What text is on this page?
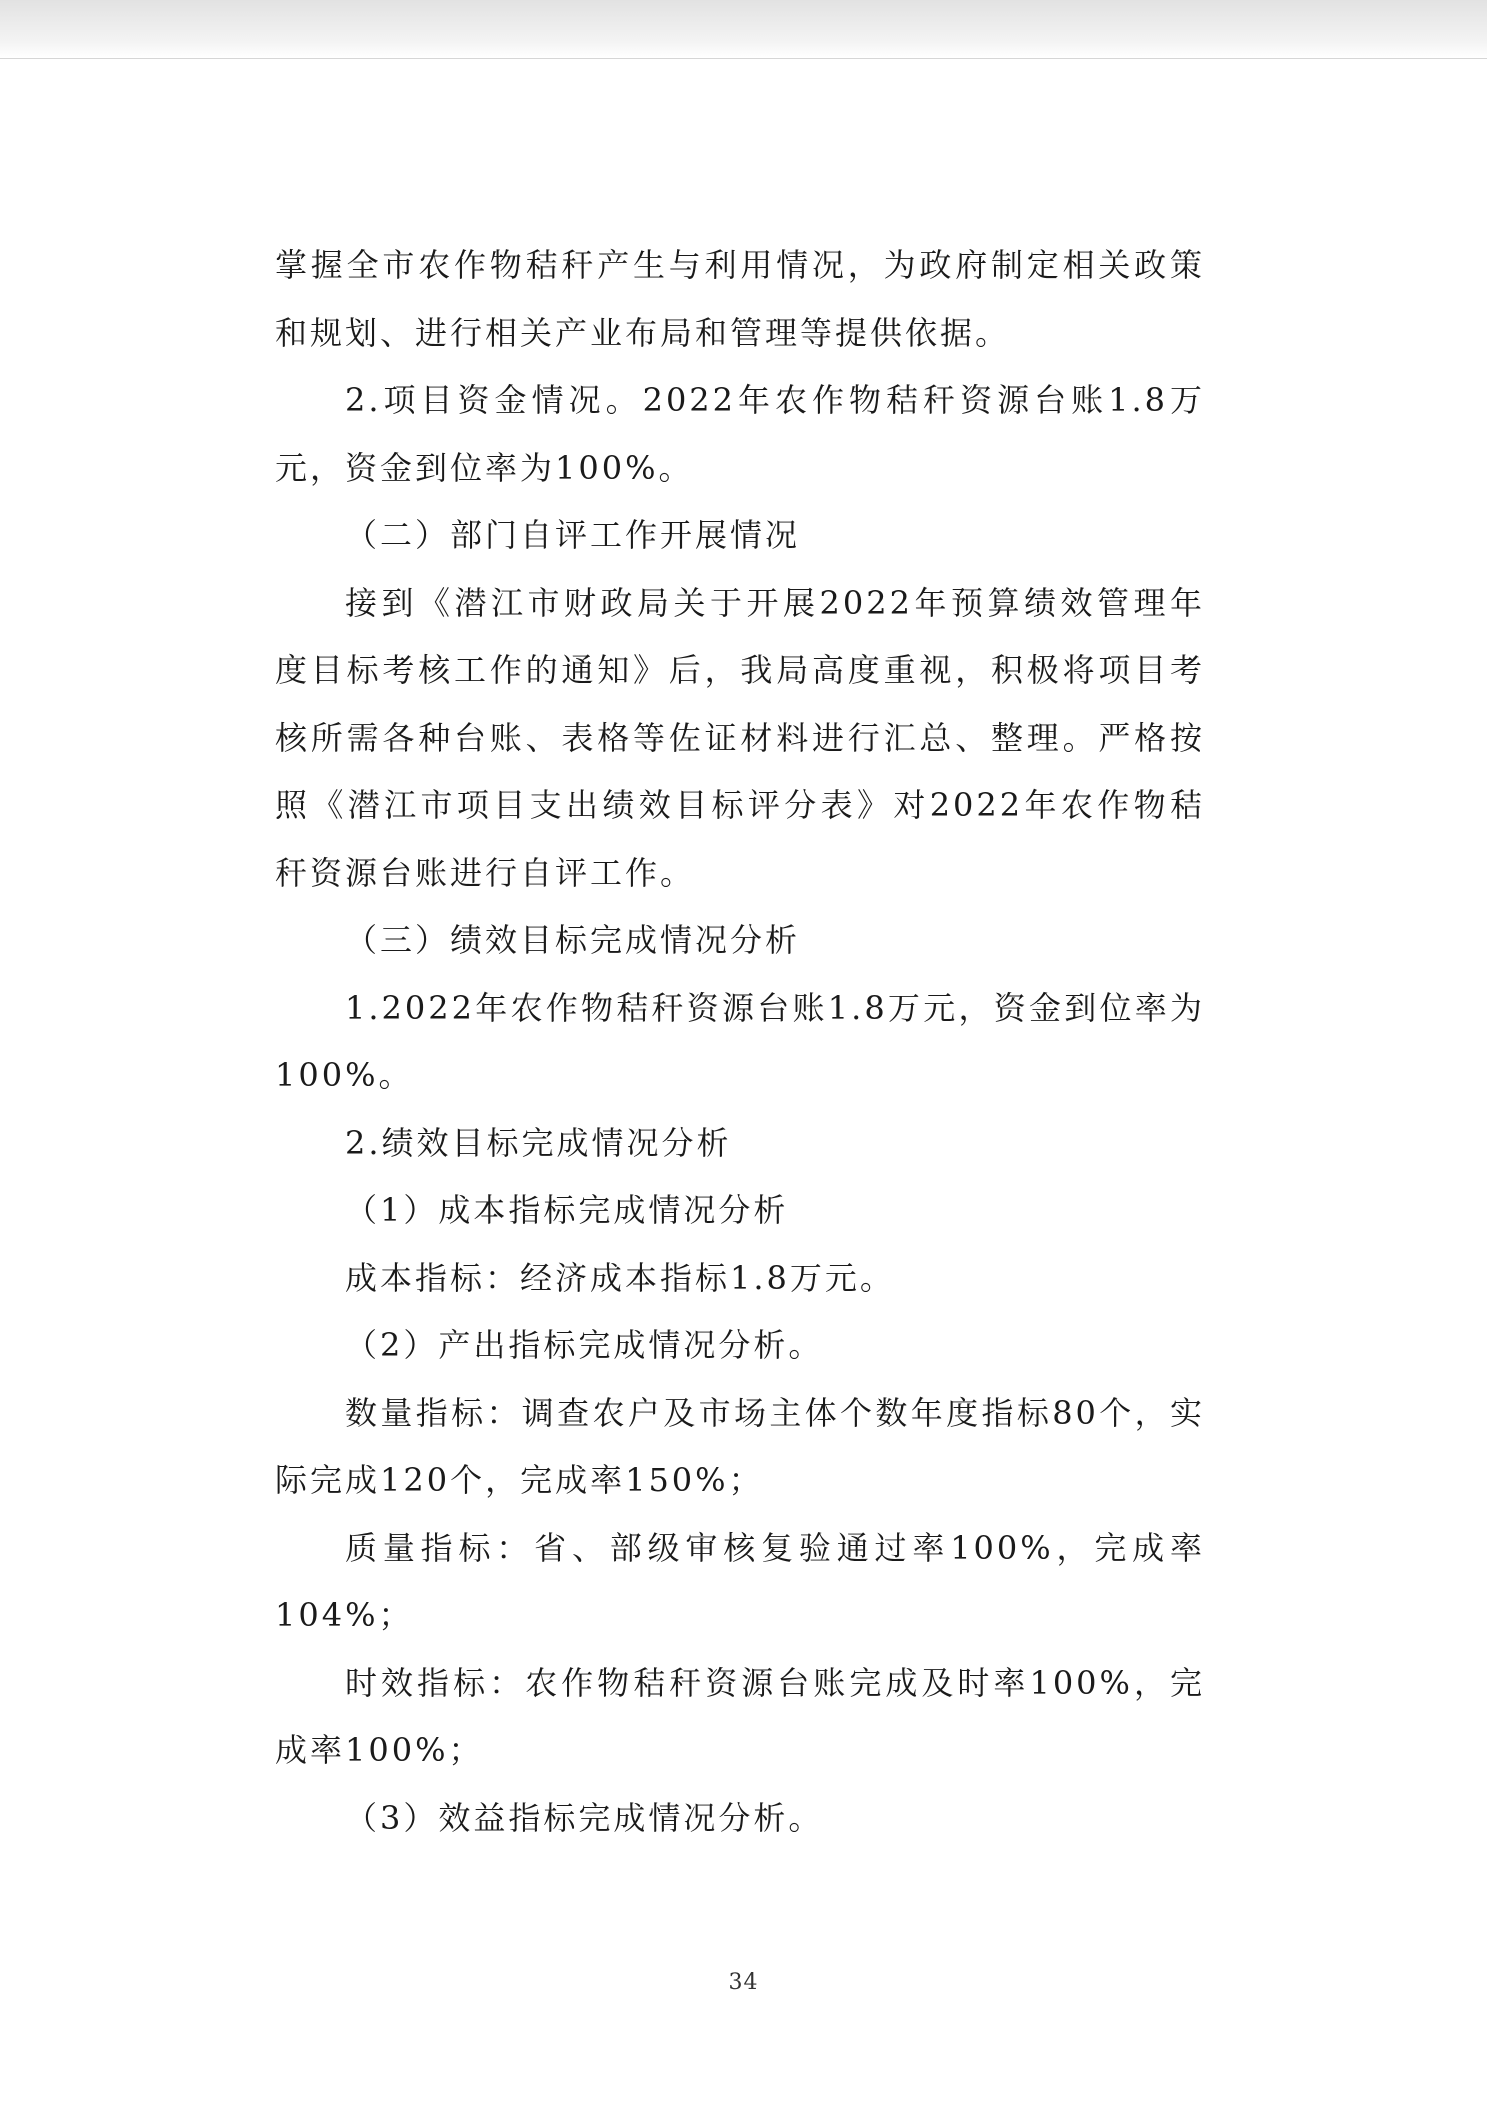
掌握全市农作物秸秆产生与利用情况，为政府制定相关政策和规划、进行相关产业布局和管理等提供依据。

2.项目资金情况。2022年农作物秸秆资源台账1.8万元，资金到位率为100%。

（二）部门自评工作开展情况

接到《潜江市财政局关于开展2022年预算绩效管理年度目标考核工作的通知》后，我局高度重视，积极将项目考核所需各种台账、表格等佐证材料进行汇总、整理。严格按照《潜江市项目支出绩效目标评分表》对2022年农作物秸秆资源台账进行自评工作。

（三）绩效目标完成情况分析

1.2022年农作物秸秆资源台账1.8万元，资金到位率为100%。

2.绩效目标完成情况分析

（1）成本指标完成情况分析

成本指标：经济成本指标1.8万元。

（2）产出指标完成情况分析。

数量指标：调查农户及市场主体个数年度指标80个，实际完成120个，完成率150%；

质量指标：省、部级审核复验通过率100%，完成率104%；

时效指标：农作物秸秆资源台账完成及时率100%，完成率100%；

（3）效益指标完成情况分析。

34
